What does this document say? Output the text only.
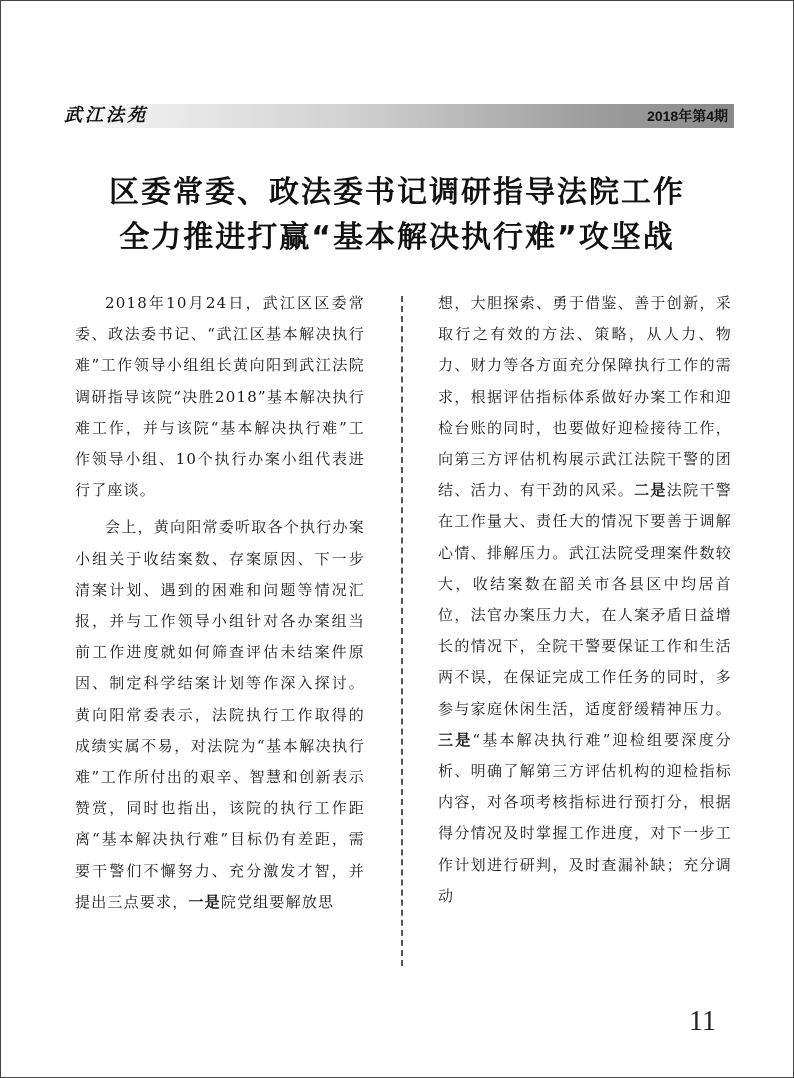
武江法苑	2018年第4期
区委常委、政法委书记调研指导法院工作
全力推进打赢“基本解决执行难”攻坚战

2018年10月24日，武江区区委常委、政法委书记、“武江区基本解决执行难”工作领导小组组长黄向阳到武江法院调研指导该院“决胜2018”基本解决执行难工作，并与该院“基本解决执行难”工作领导小组、10个执行办案小组代表进行了座谈。

会上，黄向阳常委听取各个执行办案小组关于收结案数、存案原因、下一步清案计划、遇到的困难和问题等情况汇报，并与工作领导小组针对各办案组当前工作进度就如何筛查评估未结案件原因、制定科学结案计划等作深入探讨。黄向阳常委表示，法院执行工作取得的成绩实属不易，对法院为“基本解决执行难”工作所付出的艰辛、智慧和创新表示赞赏，同时也指出，该院的执行工作距离“基本解决执行难”目标仍有差距，需要干警们不懈努力、充分激发才智，并提出三点要求，一是院党组要解放思

想，大胆探索、勇于借鉴、善于创新，采取行之有效的方法、策略，从人力、物力、财力等各方面充分保障执行工作的需求，根据评估指标体系做好办案工作和迎检台账的同时，也要做好迎检接待工作，向第三方评估机构展示武江法院干警的团结、活力、有干劲的风采。二是法院干警在工作量大、责任大的情况下要善于调解心情、排解压力。武江法院受理案件数较大，收结案数在韶关市各县区中均居首位，法官办案压力大，在人案矛盾日益增长的情况下，全院干警要保证工作和生活两不误，在保证完成工作任务的同时，多参与家庭休闲生活，适度舒缓精神压力。三是“基本解决执行难”迎检组要深度分析、明确了解第三方评估机构的迎检指标内容，对各项考核指标进行预打分，根据得分情况及时掌握工作进度，对下一步工作计划进行研判，及时查漏补缺；充分调动

11
